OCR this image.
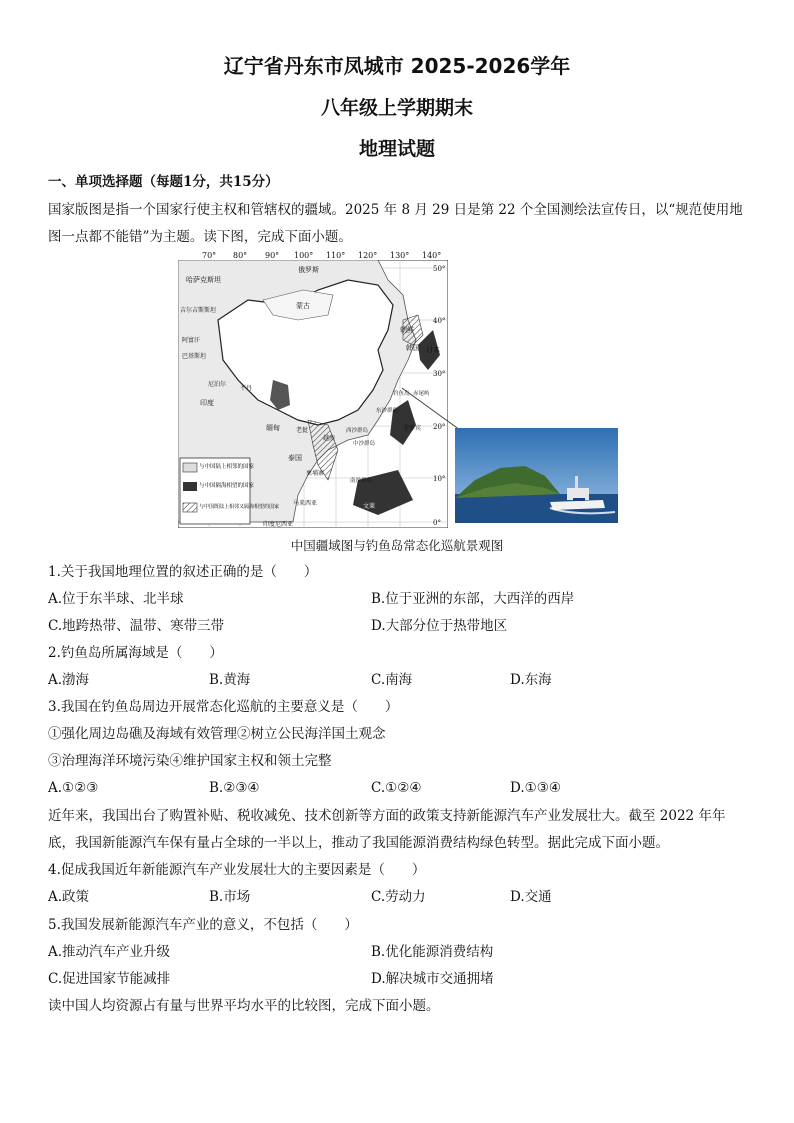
辽宁省丹东市凤城市 2025-2026学年
八年级上学期期末
地理试题
一、单项选择题（每题1分，共15分）
国家版图是指一个国家行使主权和管辖权的疆域。2025 年 8 月 29 日是第 22 个全国测绘法宣传日，以“规范使用地
图一点都不能错”为主题。读下图，完成下面小题。
与中国陆上相邻的国家
与中国隔海相望的国家
与中国既陆上相邻又隔海相望的国家
哈萨克斯坦
俄罗斯
蒙古
吉尔吉斯斯坦
朝鲜
韩国 日本
阿富汗
巴基斯坦
尼泊尔
不丹
印度
缅甸	老挝
越南
泰国
柬埔寨
菲律宾
马来西亚	文莱
印度尼西亚
钓鱼岛 赤尾屿
东沙群岛
西沙群岛
中沙群岛
南沙群岛
50°
40°
30°
20°
10°
0°
70° 80° 90° 100° 110° 120° 130° 140°
中国疆域图与钓鱼岛常态化巡航景观图
1.关于我国地理位置的叙述正确的是（　　）
A.位于东半球、北半球	B.位于亚洲的东部，大西洋的西岸
C.地跨热带、温带、寒带三带	D.大部分位于热带地区
2.钓鱼岛所属海域是（　　）
A.渤海	B.黄海	C.南海	D.东海
3.我国在钓鱼岛周边开展常态化巡航的主要意义是（　　）
①强化周边岛礁及海域有效管理②树立公民海洋国土观念
③治理海洋环境污染④维护国家主权和领土完整
A.①②③	B.②③④	C.①②④	D.①③④
近年来，我国出台了购置补贴、税收减免、技术创新等方面的政策支持新能源汽车产业发展壮大。截至 2022 年年
底，我国新能源汽车保有量占全球的一半以上，推动了我国能源消费结构绿色转型。据此完成下面小题。
4.促成我国近年新能源汽车产业发展壮大的主要因素是（　　）
A.政策	B.市场	C.劳动力	D.交通
5.我国发展新能源汽车产业的意义，不包括（　　）
A.推动汽车产业升级	B.优化能源消费结构
C.促进国家节能减排	D.解决城市交通拥堵
读中国人均资源占有量与世界平均水平的比较图，完成下面小题。
